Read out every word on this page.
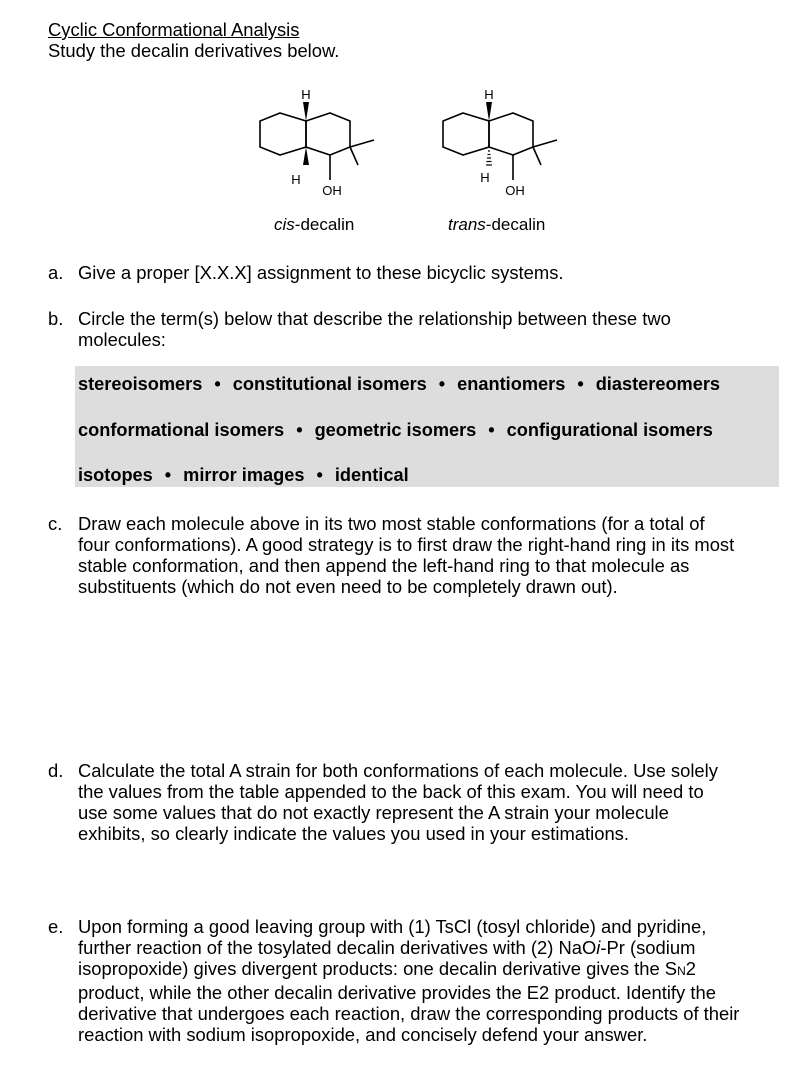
Cyclic Conformational Analysis
Study the decalin derivatives below.
H
H
OH
H
H
OH
cis-decalin	trans-decalin
a. Give a proper [X.X.X] assignment to these bicyclic systems.
b. Circle the term(s) below that describe the relationship between these two
molecules:
stereoisomers • constitutional isomers • enantiomers • diastereomers
conformational isomers • geometric isomers • configurational isomers
isotopes • mirror images • identical
c. Draw each molecule above in its two most stable conformations (for a total of
four conformations). A good strategy is to first draw the right-hand ring in its most
stable conformation, and then append the left-hand ring to that molecule as
substituents (which do not even need to be completely drawn out).
d. Calculate the total A strain for both conformations of each molecule. Use solely
the values from the table appended to the back of this exam. You will need to
use some values that do not exactly represent the A strain your molecule
exhibits, so clearly indicate the values you used in your estimations.
e. Upon forming a good leaving group with (1) TsCl (tosyl chloride) and pyridine,
further reaction of the tosylated decalin derivatives with (2) NaOi-Pr (sodium
isopropoxide) gives divergent products: one decalin derivative gives the SN2
product, while the other decalin derivative provides the E2 product. Identify the
derivative that undergoes each reaction, draw the corresponding products of their
reaction with sodium isopropoxide, and concisely defend your answer.
